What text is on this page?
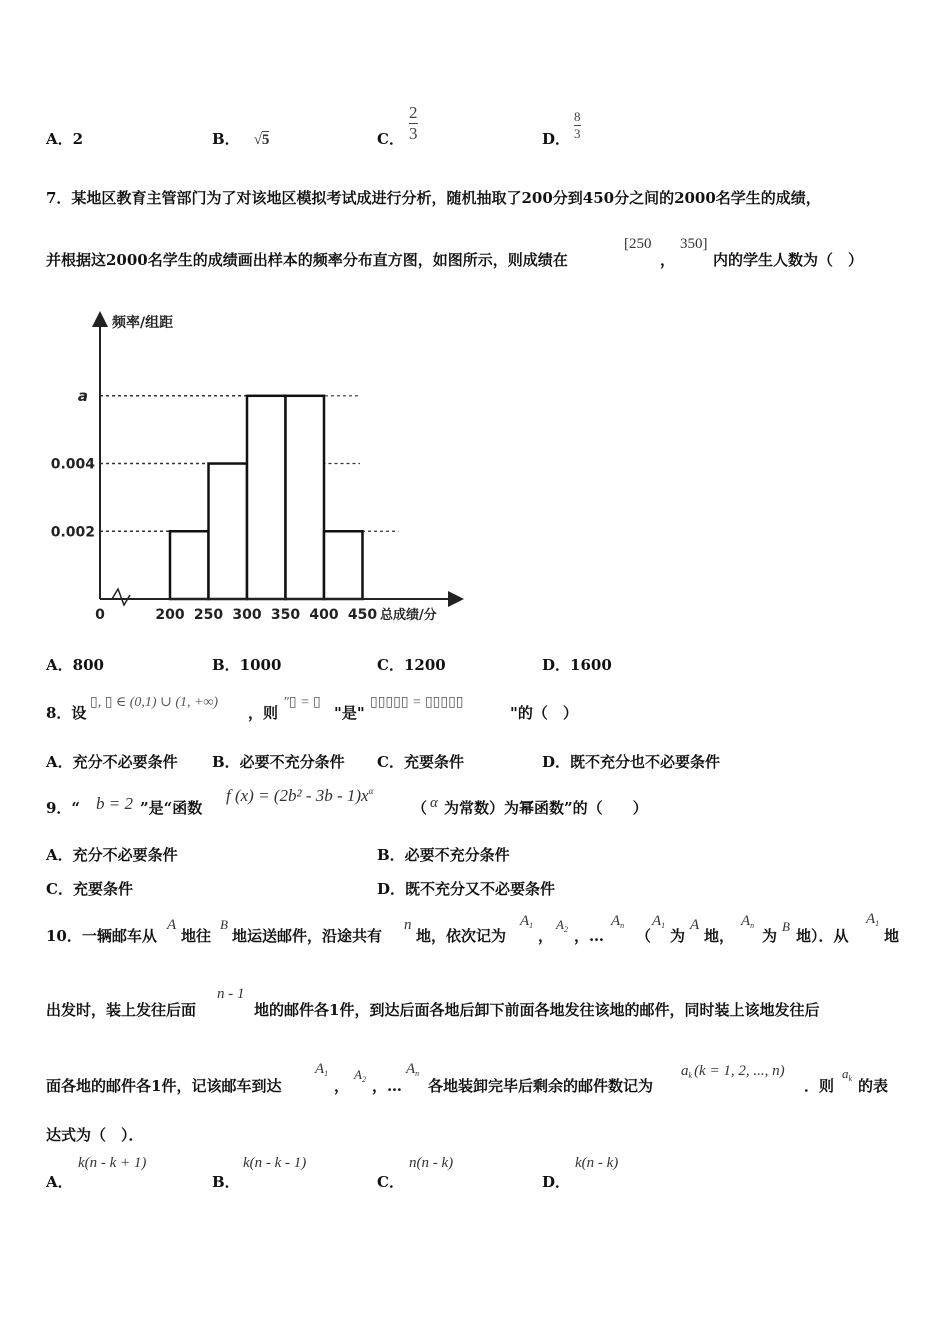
A．2	B． √5	C．
2
3	D．
8
3
7．某地区教育主管部门为了对该地区模拟考试成进行分析，随机抽取了200分到450分之间的2000名学生的成绩，
并根据这2000名学生的成绩画出样本的频率分布直方图，如图所示，则成绩在
[250
，
350]
内的学生人数为（　）
频率/组距
总成绩/分
0	200 250 300 350 400 450
0.002
0.004
a
A．800	B．1000	C．1200	D．1600
8．设
▯, ▯ ∈ (0,1) ∪ (1, +∞)
，则
"▯ = ▯
"是"
▯▯▯▯▯ = ▯▯▯▯▯
"的（　）
A．充分不必要条件 B．必要不充分条件 C．充要条件	D．既不充分也不必要条件
9．“ b = 2 ”是“函数
f $(x) = (2b^2 - 3b - 1)x^\alpha$
（ α 为常数）为幂函数”的（　　）
A．充分不必要条件	B．必要不充分条件
C．充要条件	D．既不充分又不必要条件
10．一辆邮车从
A
地往
B
地运送邮件，沿途共有
n
地，依次记为
$A_1$
，
$A_2$ ，…
$A_n$
（
$A_1$
为
A
地，
$A_n$
为
B
地）．从
$A_1$
地
出发时，装上发往后面
n - 1
地的邮件各1件，到达后面各地后卸下前面各地发往该地的邮件，同时装上该地发往后
面各地的邮件各1件，记该邮车到达
$A_1$
，
$A_2$ ，…
$A_n$
各地装卸完毕后剩余的邮件数记为
$a_k$ (k = 1, 2, ..., n)
．则
$a_k$ 的表
达式为（　）．
A．
k(n - k + 1)
B．
k(n - k - 1)
C．
n(n - k)
D．
k(n - k)
